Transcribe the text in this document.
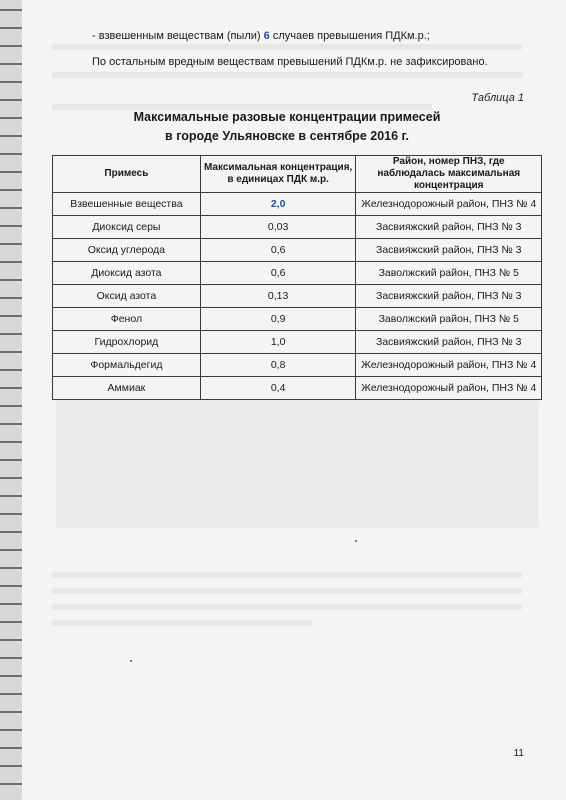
- взвешенным веществам (пыли) 6 случаев превышения ПДКм.р.;
По остальным вредным веществам превышений ПДКм.р. не зафиксировано.
Таблица 1
Максимальные разовые концентрации примесей
в городе Ульяновске в сентябре 2016 г.
Примесь	Максимальная концентрация, в единицах ПДК м.р.	Район, номер ПНЗ, где наблюдалась максимальная концентрация
Взвешенные вещества	2,0	Железнодорожный район, ПНЗ № 4
Диоксид серы	0,03	Засвияжский район, ПНЗ № 3
Оксид углерода	0,6	Засвияжский район, ПНЗ № 3
Диоксид азота	0,6	Заволжский район, ПНЗ № 5
Оксид азота	0,13	Засвияжский район, ПНЗ № 3
Фенол	0,9	Заволжский район, ПНЗ № 5
Гидрохлорид	1,0	Засвияжский район, ПНЗ № 3
Формальдегид	0,8	Железнодорожный район, ПНЗ № 4
Аммиак	0,4	Железнодорожный район, ПНЗ № 4
11
